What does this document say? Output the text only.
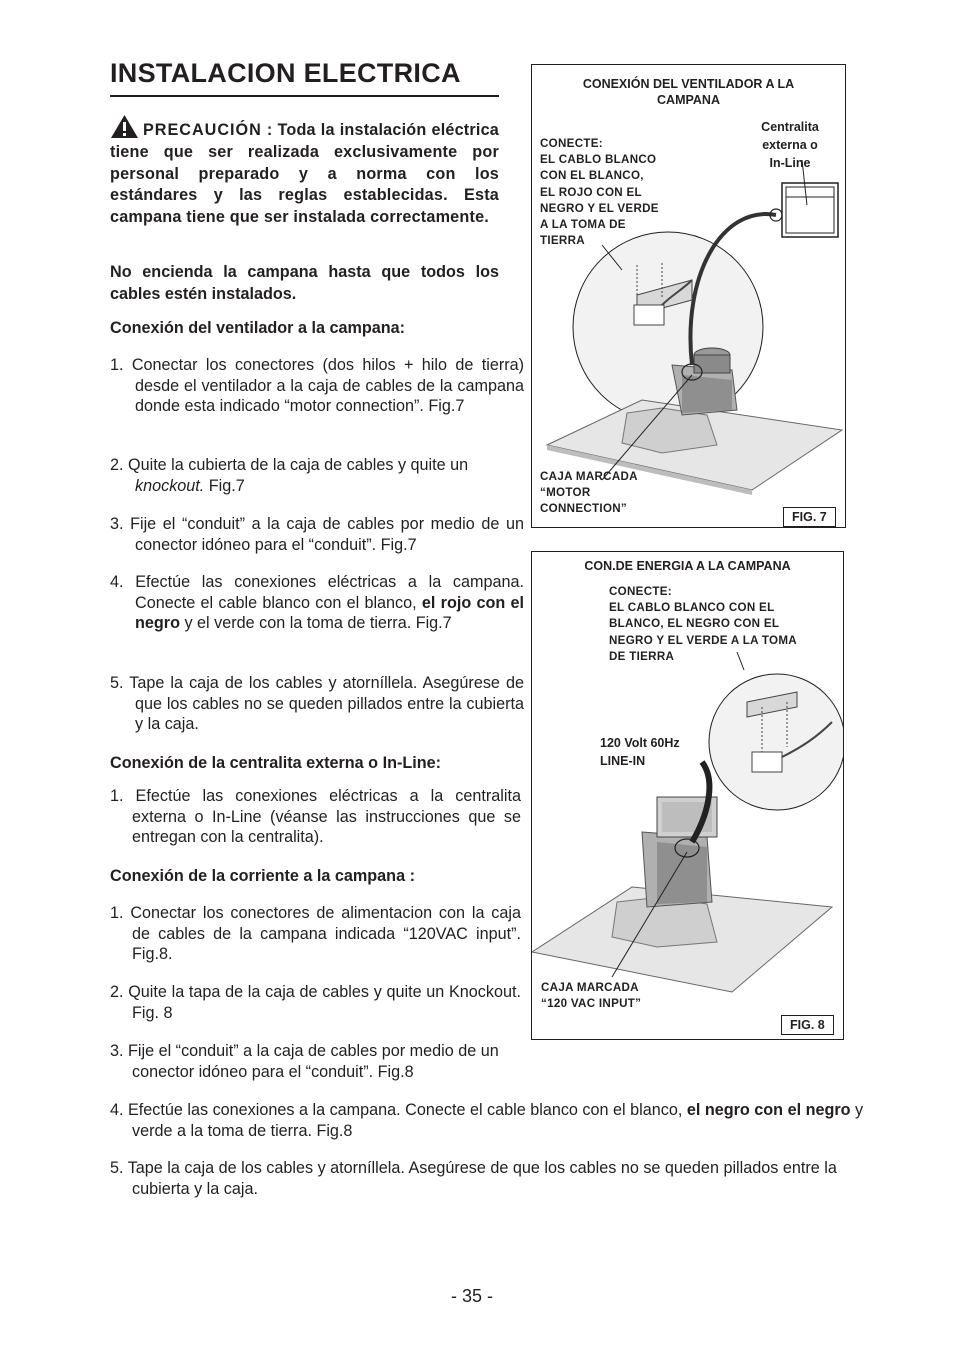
INSTALACION ELECTRICA
PRECAUCIÓN : Toda la instalación eléctrica tiene que ser realizada exclusivamente por personal preparado y a norma con los estándares y las reglas establecidas. Esta campana tiene que ser instalada correctamente.
No encienda la campana hasta que todos los cables estén instalados.
Conexión del ventilador a la campana:
1. Conectar los conectores (dos hilos + hilo de tierra) desde el ventilador a la caja de cables de la campana donde esta indicado “motor connection”. Fig.7
2. Quite la cubierta de la caja de cables y quite un knockout. Fig.7
3. Fije el “conduit” a la caja de cables por medio de un conector idóneo para el “conduit”. Fig.7
4. Efectúe las conexiones eléctricas a la campana. Conecte el cable blanco con el blanco, el rojo con el negro y el verde con la toma de tierra. Fig.7
5. Tape la caja de los cables y atorníllela. Asegúrese de que los cables no se queden pillados entre la cubierta y la caja.
Conexión de la centralita externa o In-Line:
1. Efectúe las conexiones eléctricas a la centralita externa o In-Line (véanse las instrucciones que se entregan con la centralita).
Conexión de la corriente a la campana :
1. Conectar los conectores de alimentacion con la caja de cables de la campana indicada “120VAC input”. Fig.8.
2. Quite la tapa de la caja de cables y quite un Knockout. Fig. 8
3. Fije el “conduit” a la caja de cables por medio de un conector idóneo para el “conduit”. Fig.8
4. Efectúe las conexiones a la campana. Conecte el cable blanco con el blanco, el negro con el negro y verde a la toma de tierra. Fig.8
5. Tape la caja de los cables y atorníllela. Asegúrese de que los cables no se queden pillados entre la cubierta y la caja.
CONEXIÓN DEL VENTILADOR A LA
CAMPANA
CONECTE:
EL CABLO BLANCO
CON EL BLANCO,
EL ROJO CON EL
NEGRO Y EL VERDE
A LA TOMA DE
TIERRA
Centralita
externa o
In-Line
CAJA MARCADA
“MOTOR
CONNECTION”
FIG. 7
CON.DE ENERGIA A LA CAMPANA
CONECTE:
EL CABLO BLANCO CON EL
BLANCO, EL NEGRO CON EL
NEGRO Y EL VERDE A LA TOMA
DE TIERRA
120 Volt 60Hz
LINE-IN
CAJA MARCADA
“120 VAC INPUT”
FIG. 8
- 35 -
